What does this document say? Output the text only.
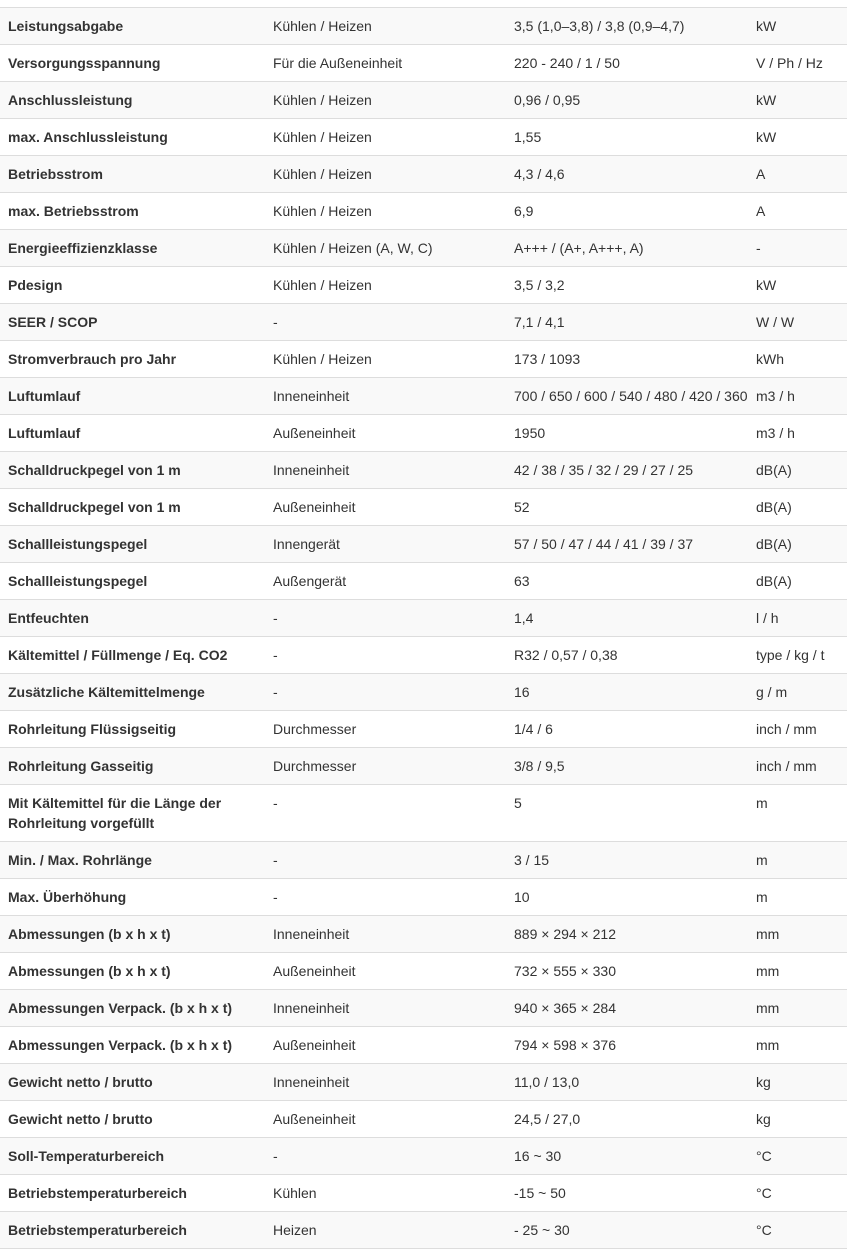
Leistungsabgabe	Kühlen / Heizen	3,5 (1,0–3,8) / 3,8 (0,9–4,7)	kW
Versorgungsspannung	Für die Außeneinheit	220 - 240 / 1 / 50	V / Ph / Hz
Anschlussleistung	Kühlen / Heizen	0,96 / 0,95	kW
max. Anschlussleistung	Kühlen / Heizen	1,55	kW
Betriebsstrom	Kühlen / Heizen	4,3 / 4,6	A
max. Betriebsstrom	Kühlen / Heizen	6,9	A
Energieeffizienzklasse	Kühlen / Heizen (A, W, C)	A+++ / (A+, A+++, A)	-
Pdesign	Kühlen / Heizen	3,5 / 3,2	kW
SEER / SCOP	-	7,1 / 4,1	W / W
Stromverbrauch pro Jahr	Kühlen / Heizen	173 / 1093	kWh
Luftumlauf	Inneneinheit	700 / 650 / 600 / 540 / 480 / 420 / 360	m3 / h
Luftumlauf	Außeneinheit	1950	m3 / h
Schalldruckpegel von 1 m	Inneneinheit	42 / 38 / 35 / 32 / 29 / 27 / 25	dB(A)
Schalldruckpegel von 1 m	Außeneinheit	52	dB(A)
Schallleistungspegel	Innengerät	57 / 50 / 47 / 44 / 41 / 39 / 37	dB(A)
Schallleistungspegel	Außengerät	63	dB(A)
Entfeuchten	-	1,4	l / h
Kältemittel / Füllmenge / Eq. CO2	-	R32 / 0,57 / 0,38	type / kg / t
Zusätzliche Kältemittelmenge	-	16	g / m
Rohrleitung Flüssigseitig	Durchmesser	1/4 / 6	inch / mm
Rohrleitung Gasseitig	Durchmesser	3/8 / 9,5	inch / mm
Mit Kältemittel für die Länge der Rohrleitung vorgefüllt	-	5	m
Min. / Max. Rohrlänge	-	3 / 15	m
Max. Überhöhung	-	10	m
Abmessungen (b x h x t)	Inneneinheit	889 × 294 × 212	mm
Abmessungen (b x h x t)	Außeneinheit	732 × 555 × 330	mm
Abmessungen Verpack. (b x h x t)	Inneneinheit	940 × 365 × 284	mm
Abmessungen Verpack. (b x h x t)	Außeneinheit	794 × 598 × 376	mm
Gewicht netto / brutto	Inneneinheit	11,0 / 13,0	kg
Gewicht netto / brutto	Außeneinheit	24,5 / 27,0	kg
Soll-Temperaturbereich	-	16 ~ 30	°C
Betriebstemperaturbereich	Kühlen	-15 ~ 50	°C
Betriebstemperaturbereich	Heizen	- 25 ~ 30	°C
